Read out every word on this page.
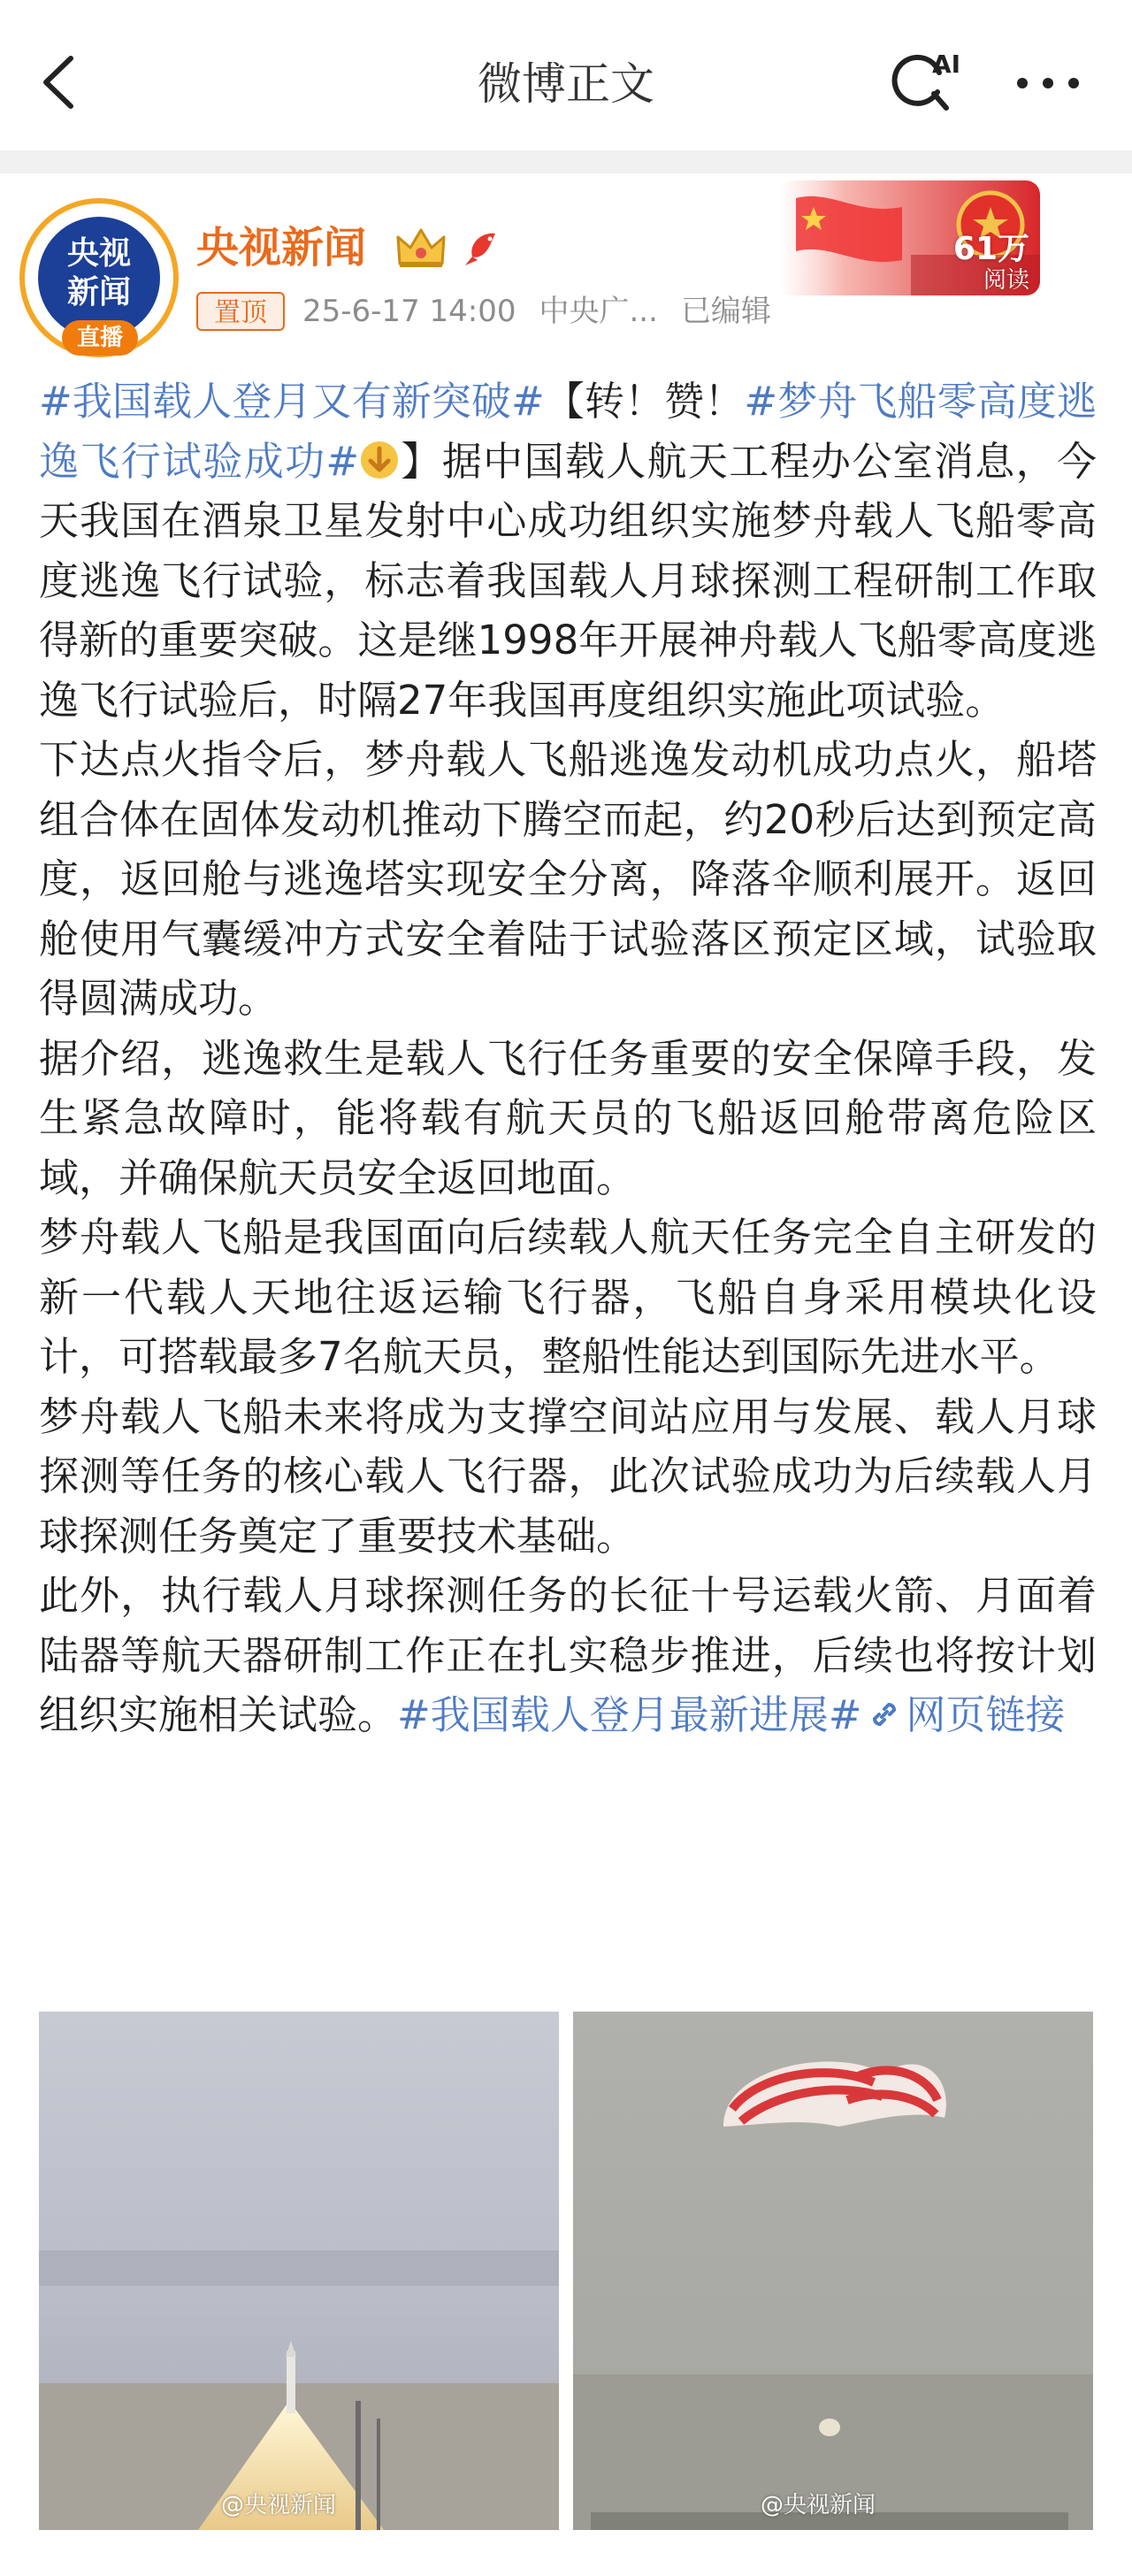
微博正文	AI
央视
新闻
直播
央视新闻
置顶	25-6-17 14:00 中央广... 已编辑
61万
阅读

#我国载人登月又有新突破#【转！赞！#梦舟飞船零高度逃逸飞行试验成功# 】据中国载人航天工程办公室消息，今天我国在酒泉卫星发射中心成功组织实施梦舟载人飞船零高度逃逸飞行试验，标志着我国载人月球探测工程研制工作取得新的重要突破。这是继1998年开展神舟载人飞船零高度逃逸飞行试验后，时隔27年我国再度组织实施此项试验。

下达点火指令后，梦舟载人飞船逃逸发动机成功点火，船塔组合体在固体发动机推动下腾空而起，约20秒后达到预定高度，返回舱与逃逸塔实现安全分离，降落伞顺利展开。返回舱使用气囊缓冲方式安全着陆于试验落区预定区域，试验取得圆满成功。

据介绍，逃逸救生是载人飞行任务重要的安全保障手段，发生紧急故障时，能将载有航天员的飞船返回舱带离危险区域，并确保航天员安全返回地面。

梦舟载人飞船是我国面向后续载人航天任务完全自主研发的新一代载人天地往返运输飞行器，飞船自身采用模块化设计，可搭载最多7名航天员，整船性能达到国际先进水平。

梦舟载人飞船未来将成为支撑空间站应用与发展、载人月球探测等任务的核心载人飞行器，此次试验成功为后续载人月球探测任务奠定了重要技术基础。

此外，执行载人月球探测任务的长征十号运载火箭、月面着陆器等航天器研制工作正在扎实稳步推进，后续也将按计划组织实施相关试验。#我国载人登月最新进展# 网页链接

@央视新闻	@央视新闻
